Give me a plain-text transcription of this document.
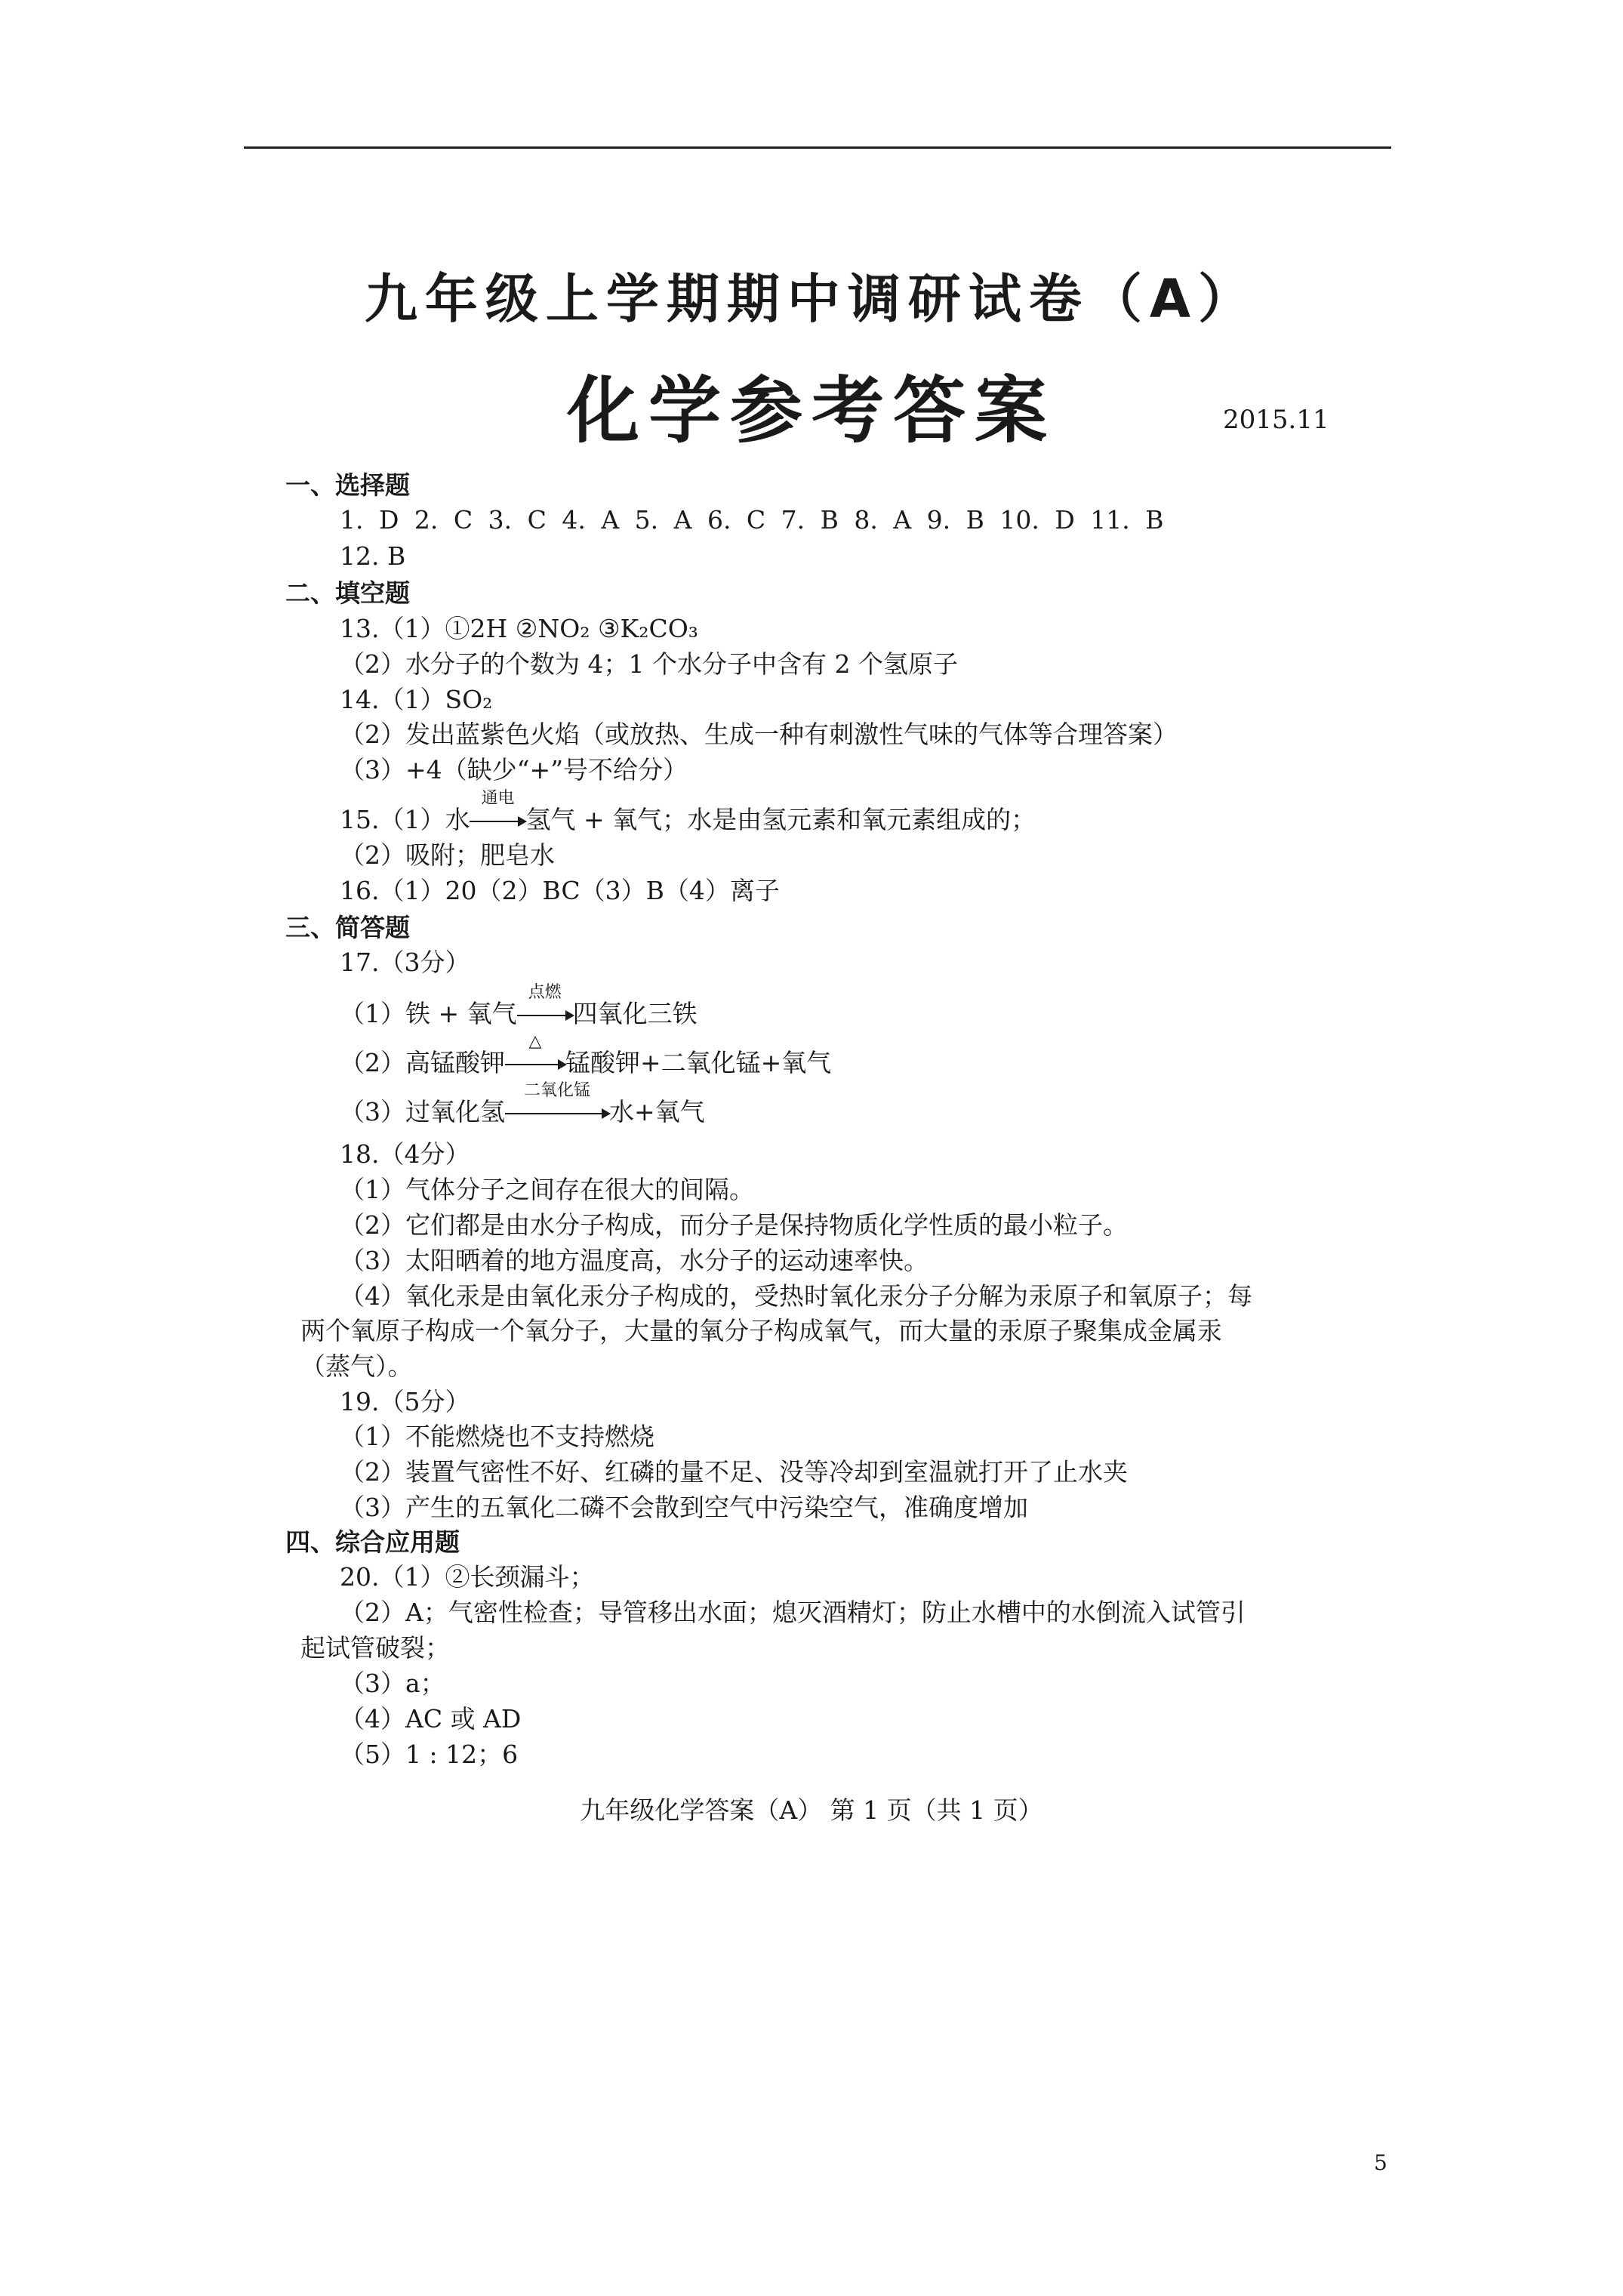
九年级上学期期中调研试卷（A）
化学参考答案	2015.11
一、选择题
1. D 2. C 3. C 4. A 5. A 6. C 7. B 8. A 9. B 10. D 11. B
12. B
二、填空题
13.（1）①2H ②NO₂ ③K₂CO₃
（2）水分子的个数为 4；1 个水分子中含有 2 个氢原子
14.（1）SO₂
（2）发出蓝紫色火焰（或放热、生成一种有刺激性气味的气体等合理答案）
（3）+4（缺少“+”号不给分）
15.（1）水
通电
氢气 + 氧气；水是由氢元素和氧元素组成的；
（2）吸附；肥皂水
16.（1）20（2）BC（3）B（4）离子
三、简答题
17.（3分）
（1）铁 + 氧气
点燃
四氧化三铁
（2）高锰酸钾
△
锰酸钾+二氧化锰+氧气
（3）过氧化氢
二氧化锰
水+氧气
18.（4分）
（1）气体分子之间存在很大的间隔。
（2）它们都是由水分子构成，而分子是保持物质化学性质的最小粒子。
（3）太阳晒着的地方温度高，水分子的运动速率快。
（4）氧化汞是由氧化汞分子构成的，受热时氧化汞分子分解为汞原子和氧原子；每
两个氧原子构成一个氧分子，大量的氧分子构成氧气，而大量的汞原子聚集成金属汞
（蒸气）。
19.（5分）
（1）不能燃烧也不支持燃烧
（2）装置气密性不好、红磷的量不足、没等冷却到室温就打开了止水夹
（3）产生的五氧化二磷不会散到空气中污染空气，准确度增加
四、综合应用题
20.（1）②长颈漏斗；
（2）A；气密性检查；导管移出水面；熄灭酒精灯；防止水槽中的水倒流入试管引
起试管破裂；
（3）a；
（4）AC 或 AD
（5）1 : 12；6
九年级化学答案（A） 第 1 页（共 1 页）
5
